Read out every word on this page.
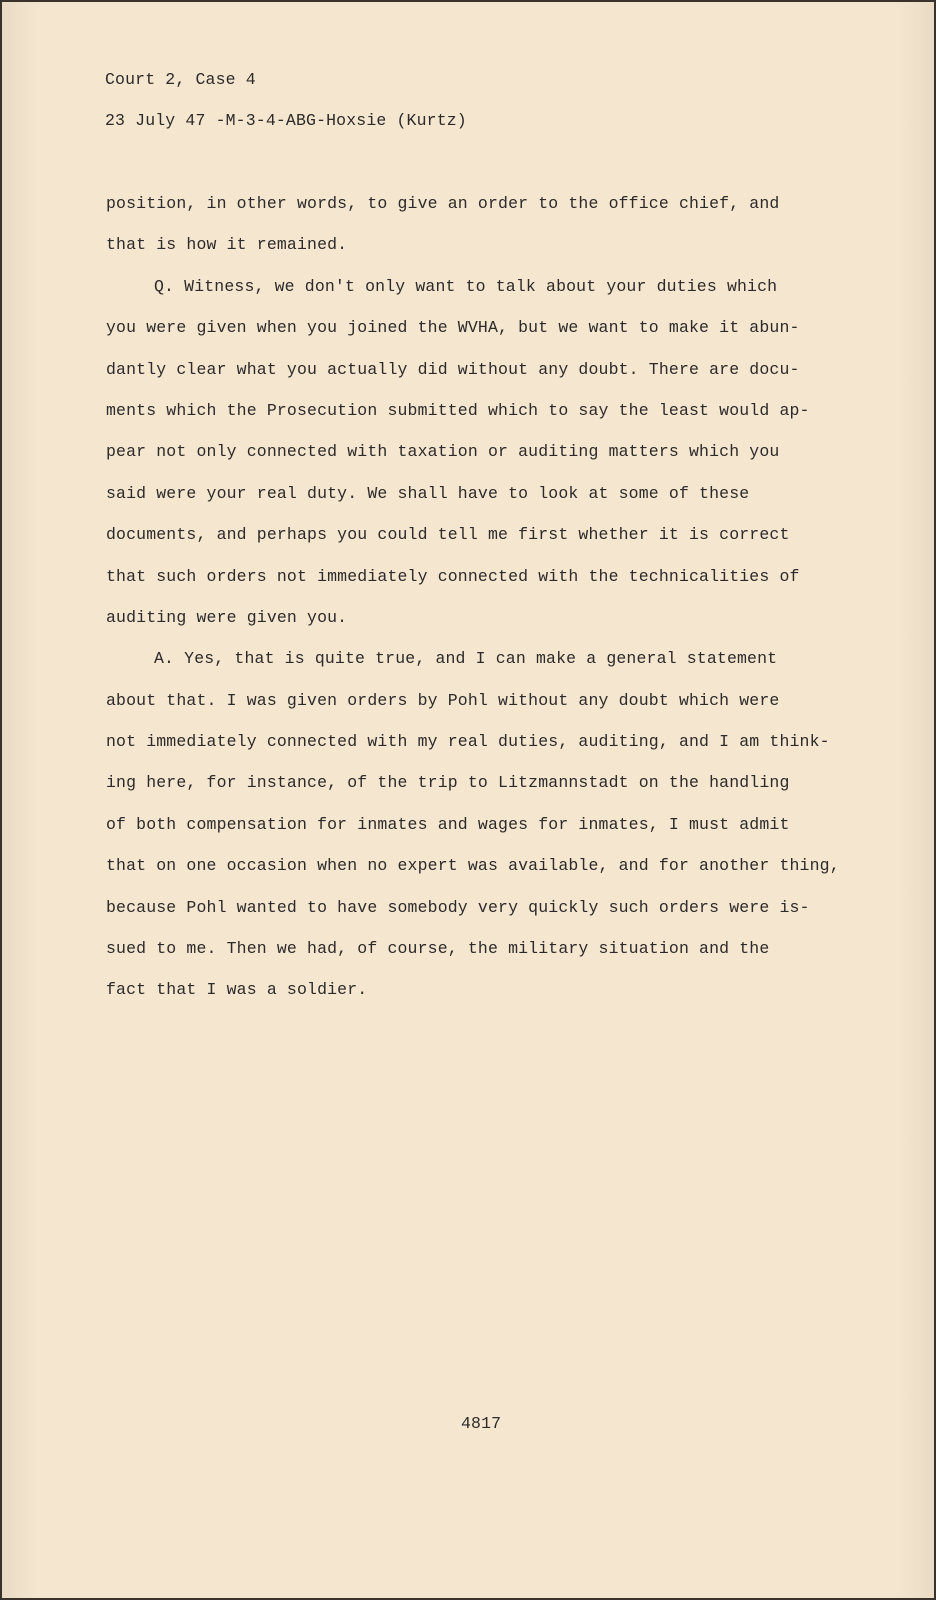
Court 2, Case 4
23 July 47 -M-3-4-ABG-Hoxsie (Kurtz)
position, in other words, to give an order to the office chief, and
that is how it remained.
Q. Witness, we don't only want to talk about your duties which
you were given when you joined the WVHA, but we want to make it abun-
dantly clear what you actually did without any doubt. There are docu-
ments which the Prosecution submitted which to say the least would ap-
pear not only connected with taxation or auditing matters which you
said were your real duty. We shall have to look at some of these
documents, and perhaps you could tell me first whether it is correct
that such orders not immediately connected with the technicalities of
auditing were given you.
A. Yes, that is quite true, and I can make a general statement
about that. I was given orders by Pohl without any doubt which were
not immediately connected with my real duties, auditing, and I am think-
ing here, for instance, of the trip to Litzmannstadt on the handling
of both compensation for inmates and wages for inmates, I must admit
that on one occasion when no expert was available, and for another thing,
because Pohl wanted to have somebody very quickly such orders were is-
sued to me. Then we had, of course, the military situation and the
fact that I was a soldier.
4817
